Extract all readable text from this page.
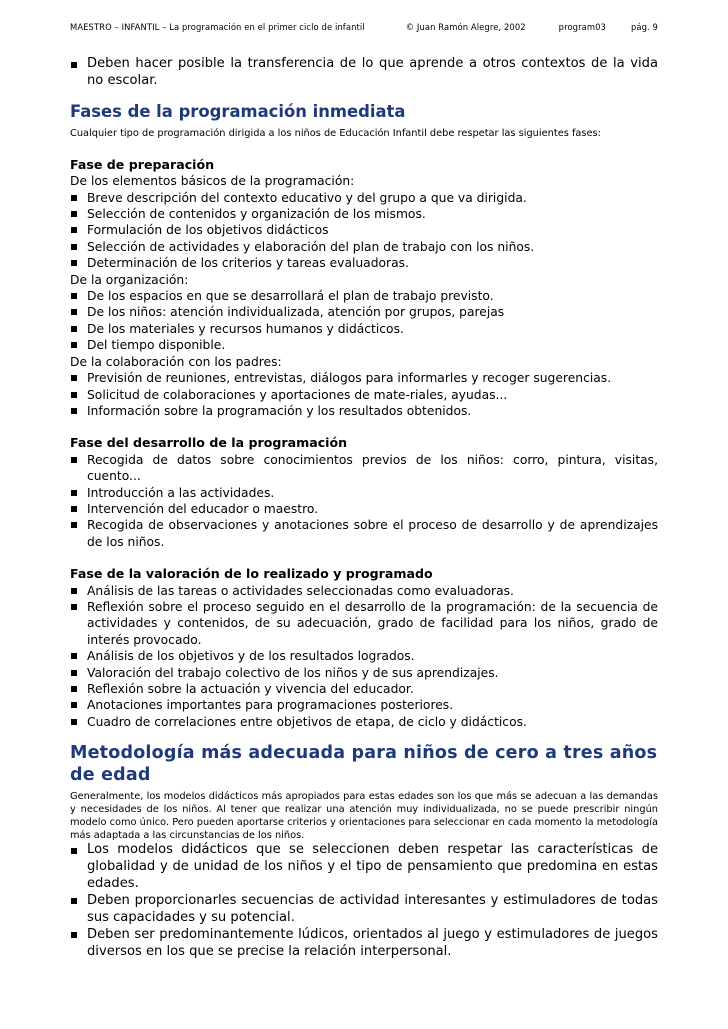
MAESTRO – INFANTIL – La programación en el primer ciclo de infantil	© Juan Ramón Alegre, 2002	program03	pág. 9
Deben hacer posible la transferencia de lo que aprende a otros contextos de la vida no escolar.
Fases de la programación inmediata

Cualquier tipo de programación dirigida a los niños de Educación Infantil debe respetar las siguientes fases:

Fase de preparación

De los elementos básicos de la programación:

Breve descripción del contexto educativo y del grupo a que va dirigida.
Selección de contenidos y organización de los mismos.
Formulación de los objetivos didácticos
Selección de actividades y elaboración del plan de trabajo con los niños.
Determinación de los criterios y tareas evaluadoras.

De la organización:

De los espacios en que se desarrollará el plan de trabajo previsto.
De los niños: atención individualizada, atención por grupos, parejas
De los materiales y recursos humanos y didácticos.
Del tiempo disponible.

De la colaboración con los padres:

Previsión de reuniones, entrevistas, diálogos para informarles y recoger sugerencias.
Solicitud de colaboraciones y aportaciones de mate-riales, ayudas...
Información sobre la programación y los resultados obtenidos.

Fase del desarrollo de la programación

Recogida de datos sobre conocimientos previos de los niños: corro, pintura, visitas, cuento...
Introducción a las actividades.
Intervención del educador o maestro.
Recogida de observaciones y anotaciones sobre el proceso de desarrollo y de aprendizajes de los niños.

Fase de la valoración de lo realizado y programado

Análisis de las tareas o actividades seleccionadas como evaluadoras.
Reflexión sobre el proceso seguido en el desarrollo de la programación: de la secuencia de actividades y contenidos, de su adecuación, grado de facilidad para los niños, grado de interés provocado.
Análisis de los objetivos y de los resultados logrados.
Valoración del trabajo colectivo de los niños y de sus aprendizajes.
Reflexión sobre la actuación y vivencia del educador.
Anotaciones importantes para programaciones posteriores.
Cuadro de correlaciones entre objetivos de etapa, de ciclo y didácticos.
Metodología más adecuada para niños de cero a tres años de edad

Generalmente, los modelos didácticos más apropiados para estas edades son los que más se adecuan a las demandas y necesidades de los niños. Al tener que realizar una atención muy individualizada, no se puede prescribir ningún modelo como único. Pero pueden aportarse criterios y orientaciones para seleccionar en cada momento la metodología más adaptada a las circunstancias de los niños.

Los modelos didácticos que se seleccionen deben respetar las características de globalidad y de unidad de los niños y el tipo de pensamiento que predomina en estas edades.
Deben proporcionarles secuencias de actividad interesantes y estimuladores de todas sus capacidades y su potencial.
Deben ser predominantemente lúdicos, orientados al juego y estimuladores de juegos diversos en los que se precise la relación interpersonal.
